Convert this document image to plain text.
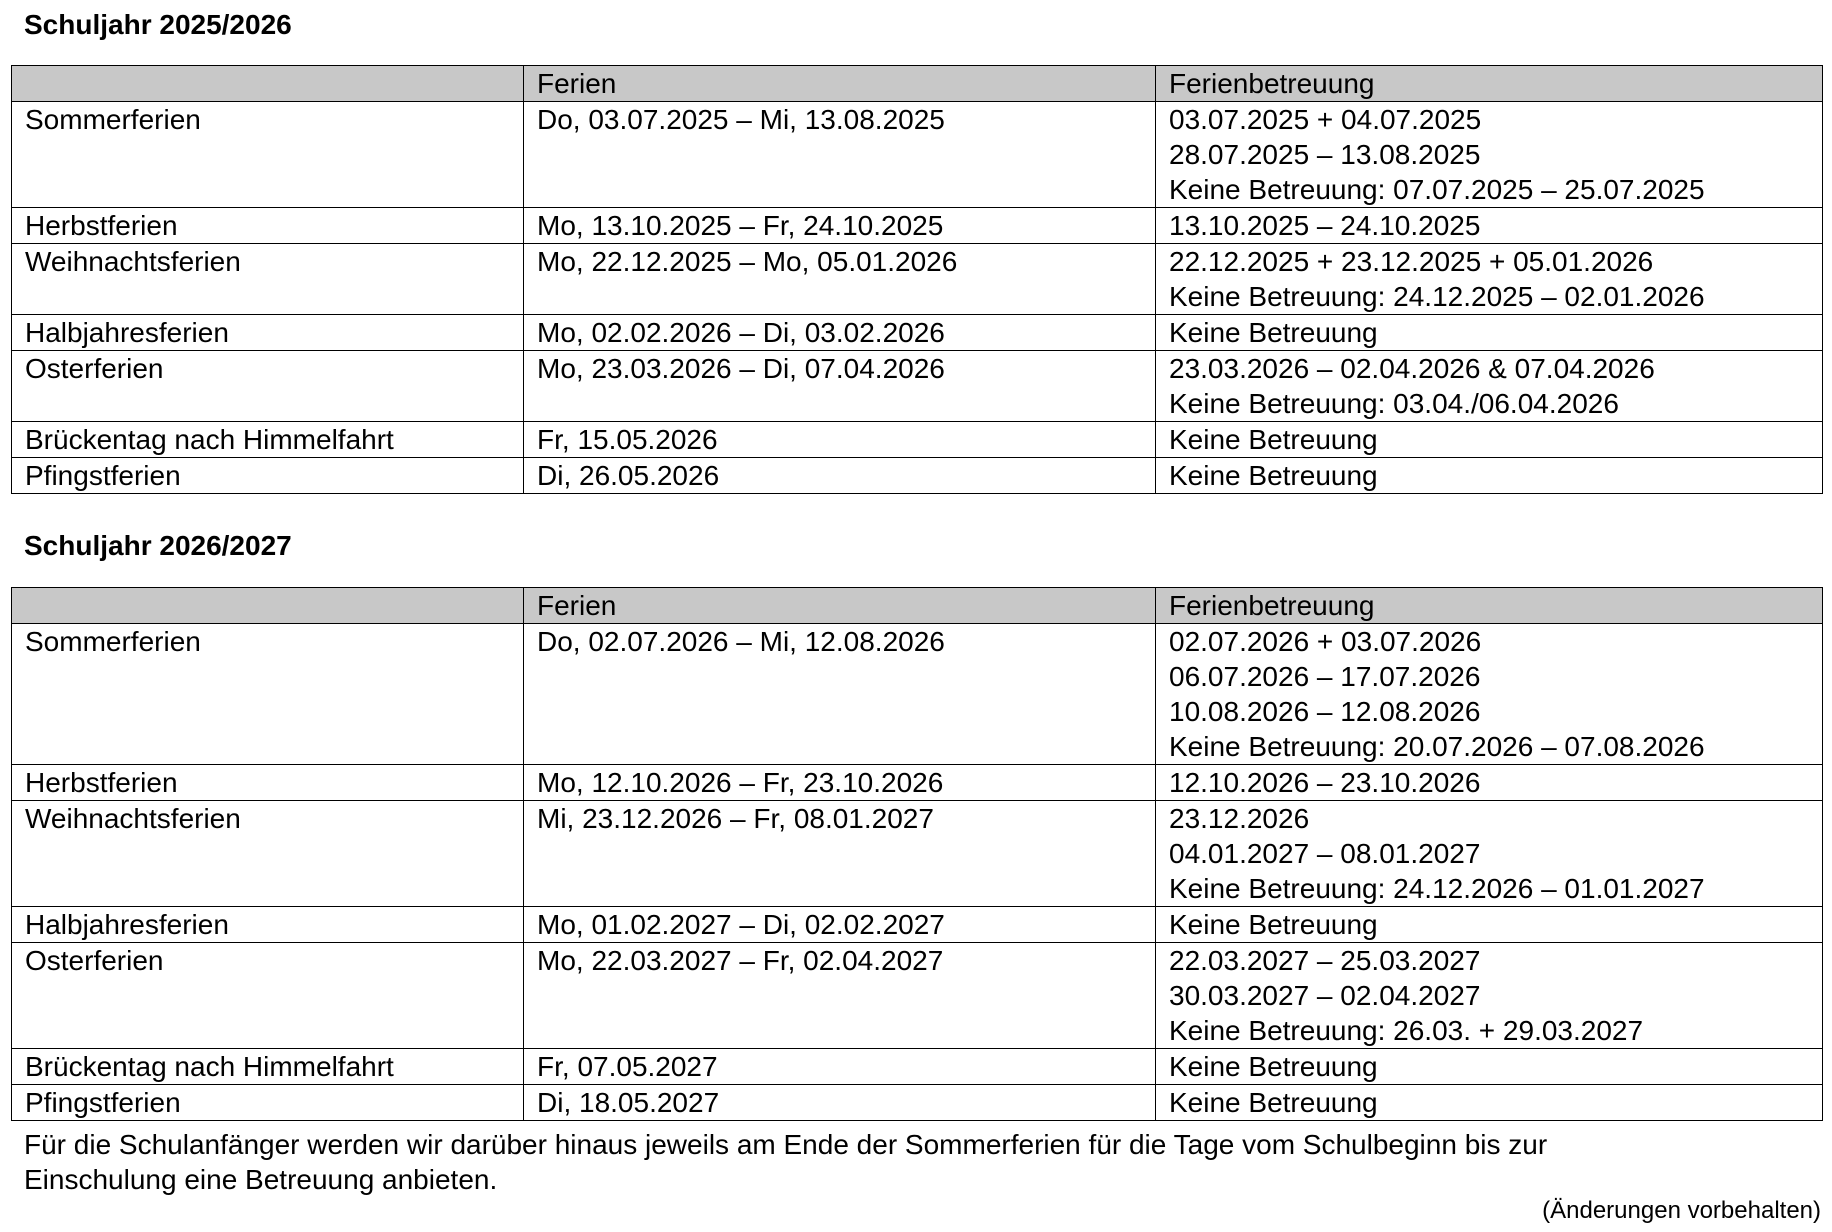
Schuljahr 2025/2026
	Ferien	Ferienbetreuung
Sommerferien	Do, 03.07.2025 – Mi, 13.08.2025	03.07.2025 + 04.07.2025
28.07.2025 – 13.08.2025
Keine Betreuung: 07.07.2025 – 25.07.2025

Herbstferien	Mo, 13.10.2025 – Fr, 24.10.2025	13.10.2025 – 24.10.2025

Weihnachtsferien	Mo, 22.12.2025 – Mo, 05.01.2026	22.12.2025 + 23.12.2025 + 05.01.2026
Keine Betreuung: 24.12.2025 – 02.01.2026

Halbjahresferien	Mo, 02.02.2026 – Di, 03.02.2026	Keine Betreuung

Osterferien	Mo, 23.03.2026 – Di, 07.04.2026	23.03.2026 – 02.04.2026 & 07.04.2026
Keine Betreuung: 03.04./06.04.2026

Brückentag nach Himmelfahrt	Fr, 15.05.2026	Keine Betreuung

Pfingstferien	Di, 26.05.2026	Keine Betreuung
Schuljahr 2026/2027
	Ferien	Ferienbetreuung
Sommerferien	Do, 02.07.2026 – Mi, 12.08.2026	02.07.2026 + 03.07.2026
06.07.2026 – 17.07.2026
10.08.2026 – 12.08.2026
Keine Betreuung: 20.07.2026 – 07.08.2026

Herbstferien	Mo, 12.10.2026 – Fr, 23.10.2026	12.10.2026 – 23.10.2026

Weihnachtsferien	Mi, 23.12.2026 – Fr, 08.01.2027	23.12.2026
04.01.2027 – 08.01.2027
Keine Betreuung: 24.12.2026 – 01.01.2027

Halbjahresferien	Mo, 01.02.2027 – Di, 02.02.2027	Keine Betreuung

Osterferien	Mo, 22.03.2027 – Fr, 02.04.2027	22.03.2027 – 25.03.2027
30.03.2027 – 02.04.2027
Keine Betreuung: 26.03. + 29.03.2027

Brückentag nach Himmelfahrt	Fr, 07.05.2027	Keine Betreuung

Pfingstferien	Di, 18.05.2027	Keine Betreuung
Für die Schulanfänger werden wir darüber hinaus jeweils am Ende der Sommerferien für die Tage vom Schulbeginn bis zur
Einschulung eine Betreuung anbieten.
(Änderungen vorbehalten)
